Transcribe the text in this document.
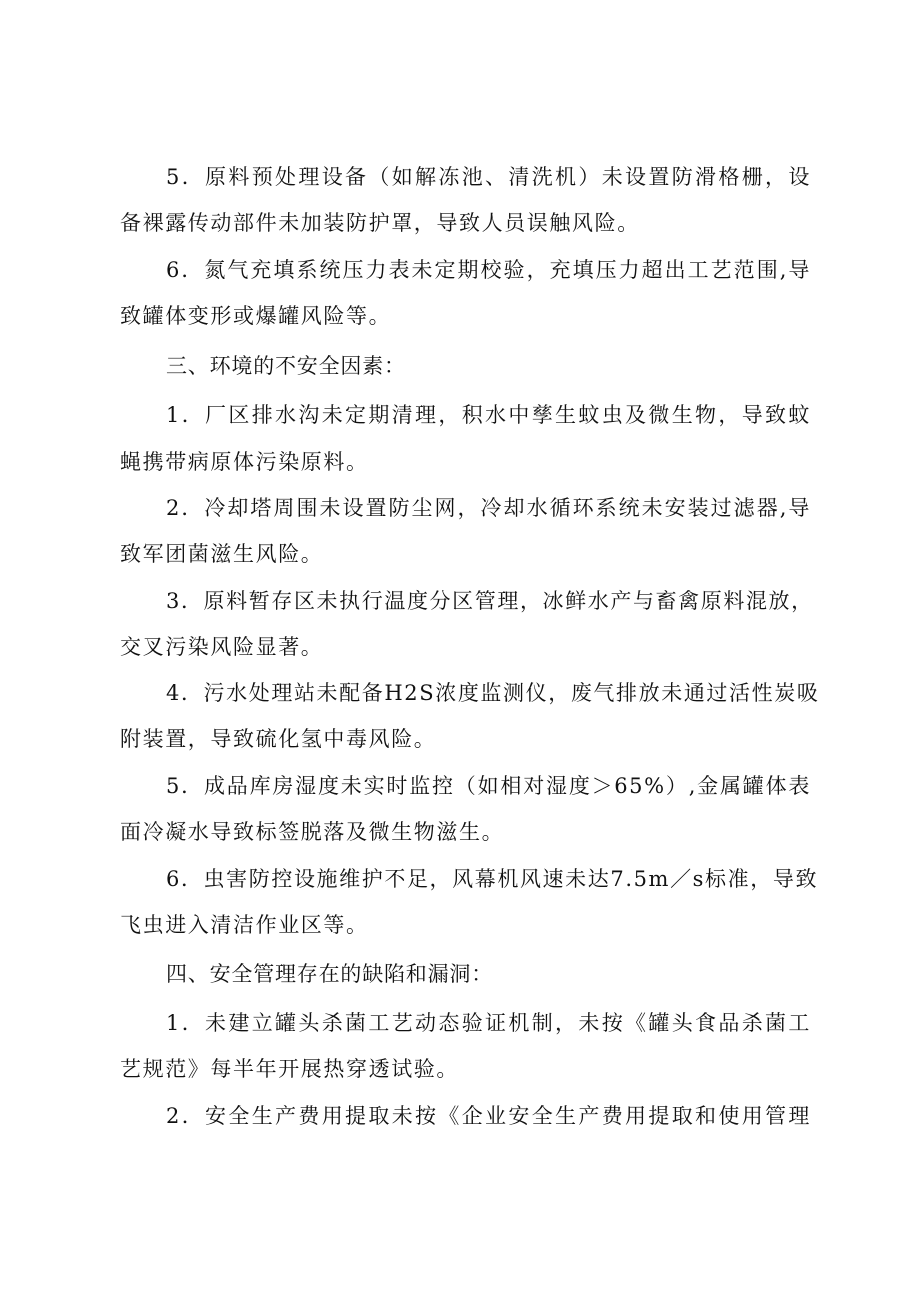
5．原料预处理设备（如解冻池、清洗机）未设置防滑格栅，设
备裸露传动部件未加装防护罩，导致人员误触风险。
6．氮气充填系统压力表未定期校验，充填压力超出工艺范围,导
致罐体变形或爆罐风险等。
三、环境的不安全因素：
1．厂区排水沟未定期清理，积水中孳生蚊虫及微生物，导致蚊
蝇携带病原体污染原料。
2．冷却塔周围未设置防尘网，冷却水循环系统未安装过滤器,导
致军团菌滋生风险。
3．原料暂存区未执行温度分区管理，冰鲜水产与畜禽原料混放，
交叉污染风险显著。
4．污水处理站未配备H2S浓度监测仪，废气排放未通过活性炭吸
附装置，导致硫化氢中毒风险。
5．成品库房湿度未实时监控（如相对湿度＞65%）,金属罐体表
面冷凝水导致标签脱落及微生物滋生。
6．虫害防控设施维护不足，风幕机风速未达7.5m／s标准，导致
飞虫进入清洁作业区等。
四、安全管理存在的缺陷和漏洞：
1．未建立罐头杀菌工艺动态验证机制，未按《罐头食品杀菌工
艺规范》每半年开展热穿透试验。
2．安全生产费用提取未按《企业安全生产费用提取和使用管理
